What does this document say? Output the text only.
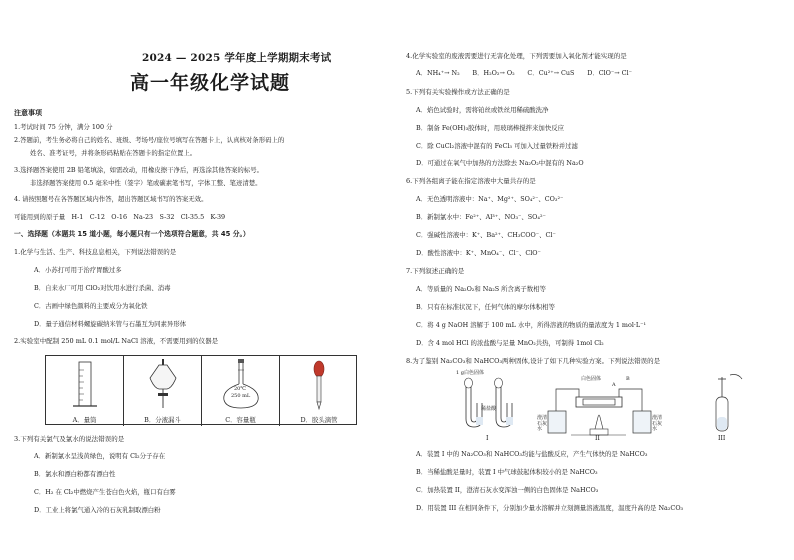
2024 — 2025 学年度上学期期末考试
高一年级化学试题
注意事项
1.考试时间 75 分钟，满分 100 分
2.答题前，考生务必将自己的姓名、班级、考场号/座位号填写在答题卡上，认真核对条形码上的
姓名、准考证号，并将条形码粘贴在答题卡的指定位置上。
3.选择题答案使用 2B 铅笔填涂，如需改动，用橡皮擦干净后，再选涂其他答案的标号。
非选择题答案使用 0.5 毫米中性（签字）笔或碳素笔书写，字体工整、笔迹清楚。
4. 请按照题号在各答题区域内作答，超出答题区域书写的答案无效。
可能用到的原子量　H-1　C-12　O-16　Na-23　S-32　Cl-35.5　K-39
一、选择题（本题共 15 道小题，每小题只有一个选项符合题意，共 45 分。）
1.化学与生活、生产、科技息息相关，下列说法错误的是
A．小苏打可用于治疗胃酸过多
B．自来水厂可用 ClO₂对饮用水进行杀菌、消毒
C．古画中绿色颜料的主要成分为氧化铁
D．量子通信材料螺旋碳纳米管与石墨互为同素异形体
2.实验室中配制 250 mL 0.1 mol/L NaCl 溶液，不需要用到的仪器是
A．量筒	B．分液漏斗
20℃
250 mL
C．容量瓶	D．胶头滴管
3.下列有关氯气及氯水的说法错误的是
A．新制氯水呈浅黄绿色，说明有 Cl₂分子存在
B．氯水和漂白粉都有漂白性
C．H₂ 在 Cl₂中燃烧产生苍白色火焰，瓶口有白雾
D．工业上将氯气通入冷的石灰乳制取漂白粉
4.化学实验室的废液需要进行无害化处理，下列需要加入氧化剂才能实现的是
A．NH₄⁺→ N₂　　B．H₂O₂→ O₂　　C．Cu²⁺→ CuS　　D．ClO⁻→ Cl⁻
5.下列有关实验操作或方法正确的是
A．焰色试验时，需将铂丝或铁丝用稀硫酸洗净
B．制备 Fe(OH)₃胶体时，用玻璃棒搅拌来加快反应
C．除 CuCl₂溶液中混有的 FeCl₃ 可加入过量铁粉并过滤
D．可通过在氧气中加热的方法除去 Na₂O₂中混有的 Na₂O
6.下列各组离子能在指定溶液中大量共存的是
A．无色透明溶液中：Na⁺、Mg²⁺、SO₄²⁻、CO₃²⁻
B．新制氯水中：Fe²⁺、Al³⁺、NO₃⁻、SO₄²⁻
C．强碱性溶液中：K⁺、Ba²⁺、CH₃COO⁻、Cl⁻
D．酸性溶液中：K⁺、MnO₄⁻、Cl⁻、ClO⁻
7.下列叙述正确的是
A．等质量的 Na₂O₂和 Na₂S 所含离子数相等
B．只有在标准状况下，任何气体的摩尔体积相等
C．将 4 g NaOH 溶解于 100 mL 水中，所得溶液的物质的量浓度为 1 mol·L⁻¹
D．含 4 mol HCl 的浓盐酸与足量 MnO₂共热，可制得 1mol Cl₂
8.为了鉴别 Na₂CO₃和 NaHCO₃两种固体,设计了如下几种实验方案。下列说法错误的是
1 g白色固体
稀盐酸
白色固体
A
B
澄清石灰水
澄清石灰水
I	II	III
A．装置 I 中的 Na₂CO₃和 NaHCO₃均能与盐酸反应，产生气体快的是 NaHCO₃
B．当稀盐酸足量时，装置 I 中气球鼓起体积较小的是 NaHCO₃
C．加热装置 II，澄清石灰水变浑浊一侧的白色固体是 NaHCO₃
D．用装置 III 在相同条件下，分别加少量水溶解并立刻测量溶液温度，温度升高的是 Na₂CO₃
